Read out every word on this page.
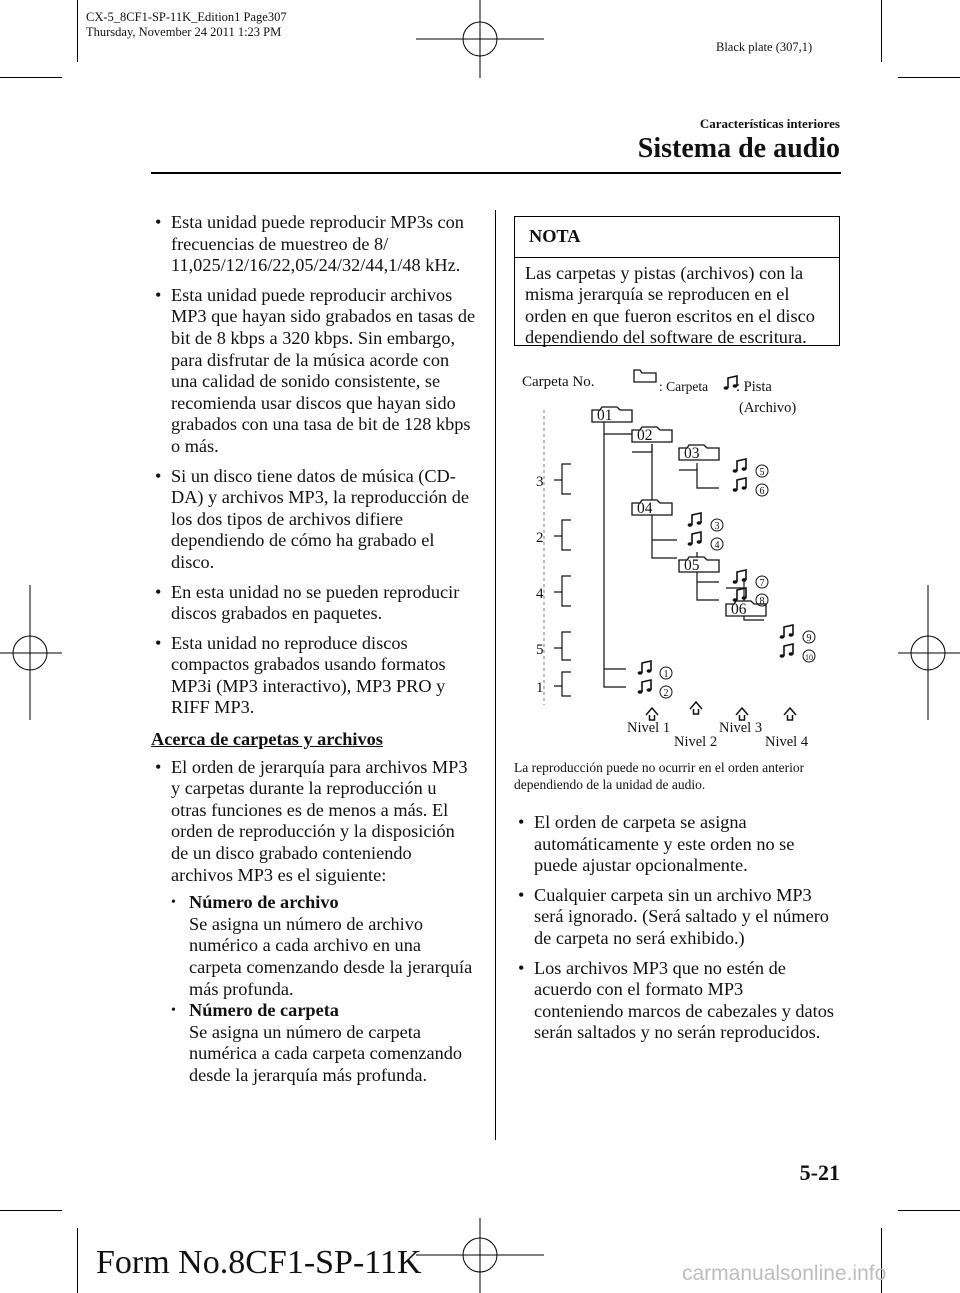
CX-5_8CF1-SP-11K_Edition1 Page307
Thursday, November 24 2011 1:23 PM
Black plate (307,1)
Características interiores
Sistema de audio
• Esta unidad puede reproducir MP3s con frecuencias de muestreo de 8/ 11,025/12/16/22,05/24/32/44,1/48 kHz.
• Esta unidad puede reproducir archivos MP3 que hayan sido grabados en tasas de bit de 8 kbps a 320 kbps. Sin embargo, para disfrutar de la música acorde con una calidad de sonido consistente, se recomienda usar discos que hayan sido grabados con una tasa de bit de 128 kbps o más.
• Si un disco tiene datos de música (CD-DA) y archivos MP3, la reproducción de los dos tipos de archivos difiere dependiendo de cómo ha grabado el disco.
• En esta unidad no se pueden reproducir discos grabados en paquetes.
• Esta unidad no reproduce discos compactos grabados usando formatos MP3i (MP3 interactivo), MP3 PRO y RIFF MP3.
Acerca de carpetas y archivos
• El orden de jerarquía para archivos MP3 y carpetas durante la reproducción u otras funciones es de menos a más. El orden de reproducción y la disposición de un disco grabado conteniendo archivos MP3 es el siguiente:
• Número de archivo
Se asigna un número de archivo numérico a cada archivo en una carpeta comenzando desde la jerarquía más profunda.
• Número de carpeta
Se asigna un número de carpeta numérica a cada carpeta comenzando desde la jerarquía más profunda.
NOTA
Las carpetas y pistas (archivos) con la misma jerarquía se reproducen en el orden en que fueron escritos en el disco dependiendo del software de escritura.
Carpeta No.	: Carpeta : Pista
(Archivo)
3
2
4
5
1
01
02
03
04
05
06
5
6
3
4
7
8
9
10
1
2
Nivel 1
Nivel 2
Nivel 3
Nivel 4
La reproducción puede no ocurrir en el orden anterior dependiendo de la unidad de audio.
• El orden de carpeta se asigna automáticamente y este orden no se puede ajustar opcionalmente.
• Cualquier carpeta sin un archivo MP3 será ignorado. (Será saltado y el número de carpeta no será exhibido.)
• Los archivos MP3 que no estén de acuerdo con el formato MP3 conteniendo marcos de cabezales y datos serán saltados y no serán reproducidos.
5-21
Form No.8CF1-SP-11K	carmanualsonline.info
